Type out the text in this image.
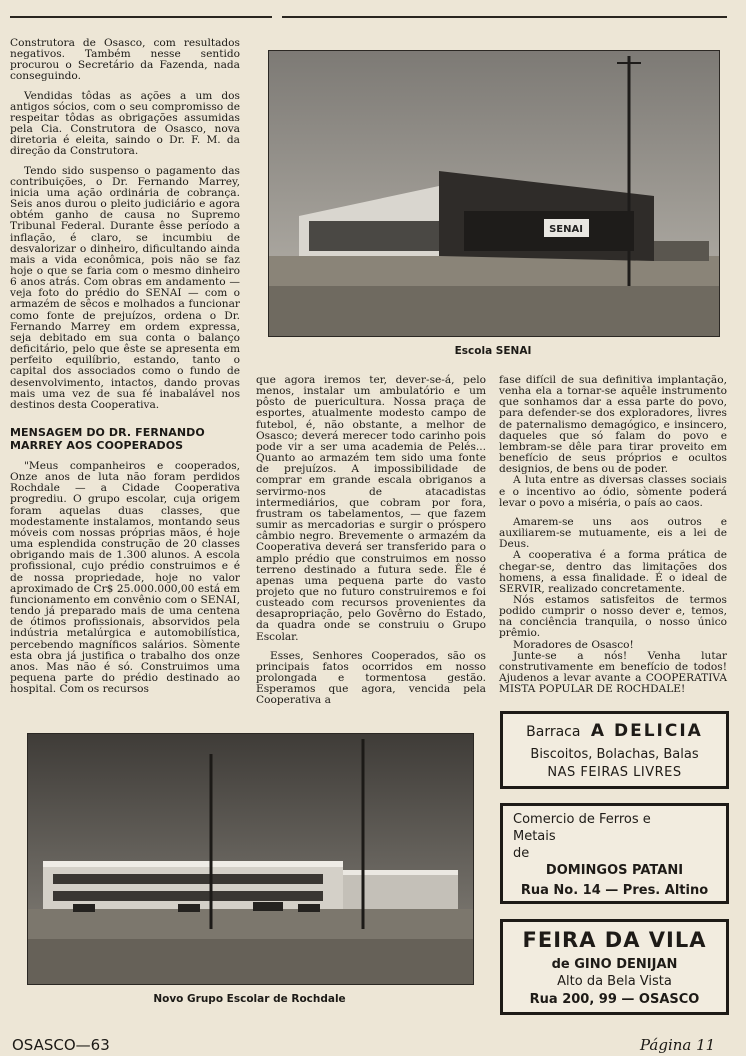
Construtora de Osasco, com resultados negativos. Também nesse sentido procurou o Secretário da Fazenda, nada conseguindo.

Vendidas tôdas as ações a um dos antigos sócios, com o seu compromisso de respeitar tôdas as obrigações assumidas pela Cia. Construtora de Osasco, nova diretoria é eleita, saindo o Dr. F. M. da direção da Construtora.

Tendo sido suspenso o pagamento das contribuições, o Dr. Fernando Marrey, inicia uma ação ordinária de cobrança. Seis anos durou o pleito judiciário e agora obtém ganho de causa no Supremo Tribunal Federal. Durante êsse período a inflação, é claro, se incumbiu de desvalorizar o dinheiro, dificultando ainda mais a vida econômica, pois não se faz hoje o que se faria com o mesmo dinheiro 6 anos atrás. Com obras em andamento — veja foto do prédio do SENAI — com o armazém de sêcos e molhados a funcionar como fonte de prejuízos, ordena o Dr. Fernando Marrey em ordem expressa, seja debitado em sua conta o balanço deficitário, pelo que êste se apresenta em perfeito equilíbrio, estando, tanto o capital dos associados como o fundo de desenvolvimento, intactos, dando provas mais uma vez de sua fé inabalável nos destinos desta Cooperativa.

MENSAGEM DO DR. FERNANDO MARREY AOS COOPERADOS

"Meus companheiros e cooperados, Onze anos de luta não foram perdidos Rochdale — a Cidade Cooperativa progrediu. O grupo escolar, cuja origem foram aquelas duas classes, que modestamente instalamos, montando seus móveis com nossas próprias mãos, é hoje uma esplendida construção de 20 classes obrigando mais de 1.300 alunos. A escola profissional, cujo prédio construimos e é de nossa propriedade, hoje no valor aproximado de Cr$ 25.000.000,00 está em funcionamento em convênio com o SENAI, tendo já preparado mais de uma centena de ótimos profissionais, absorvidos pela indústria metalúrgica e automobilística, percebendo magníficos salários. Sòmente esta obra já justifica o trabalho dos onze anos. Mas não é só. Construimos uma pequena parte do prédio destinado ao hospital. Com os recursos

SENAI
Escola SENAI

que agora iremos ter, dever-se-á, pelo menos, instalar um ambulatório e um pôsto de puericultura. Nossa praça de esportes, atualmente modesto campo de futebol, é, não obstante, a melhor de Osasco; deverá merecer todo carinho pois pode vir a ser uma academia de Pelés... Quanto ao armazém tem sido uma fonte de prejuízos. A impossibilidade de comprar em grande escala obriganos a servirmo-nos de atacadistas intermediários, que cobram por fora, frustram os tabelamentos, — que fazem sumir as mercadorias e surgir o próspero câmbio negro. Brevemente o armazém da Cooperativa deverá ser transferido para o amplo prédio que construimos em nosso terreno destinado a futura sede. Êle é apenas uma pequena parte do vasto projeto que no futuro construiremos e foi custeado com recursos provenientes da desapropriação, pelo Govêrno do Estado, da quadra onde se construiu o Grupo Escolar.

Esses, Senhores Cooperados, são os principais fatos ocorridos em nosso prolongada e tormentosa gestão. Esperamos que agora, vencida pela Cooperativa a

fase difícil de sua definitiva implantação, venha ela a tornar-se aquêle instrumento que sonhamos dar a essa parte do povo, para defender-se dos exploradores, livres de paternalismo demagógico, e insincero, daqueles que só falam do povo e lembram-se dêle para tirar proveito em benefício de seus próprios e ocultos designios, de bens ou de poder.

A luta entre as diversas classes sociais e o incentivo ao ódio, sòmente poderá levar o povo a miséria, o país ao caos.

Amarem-se uns aos outros e auxiliarem-se mutuamente, eis a lei de Deus.

A cooperativa é a forma prática de chegar-se, dentro das limitações dos homens, a essa finalidade. É o ideal de SERVIR, realizado concretamente.

Nós estamos satisfeitos de termos podido cumprir o nosso dever e, temos, na conciência tranquila, o nosso único prêmio.

Moradores de Osasco!

Junte-se a nós! Venha lutar construtivamente em benefício de todos! Ajudenos a levar avante a COOPERATIVA MISTA POPULAR DE ROCHDALE!

Novo Grupo Escolar de Rochdale
Barraca A DELICIA
Biscoitos, Bolachas, Balas
NAS FEIRAS LIVRES
Comercio de Ferros e
Metais
de
DOMINGOS PATANI
Rua No. 14 — Pres. Altino
FEIRA DA VILA
de GINO DENIJAN
Alto da Bela Vista
Rua 200, 99 — OSASCO
OSASCO—63	Página 11
